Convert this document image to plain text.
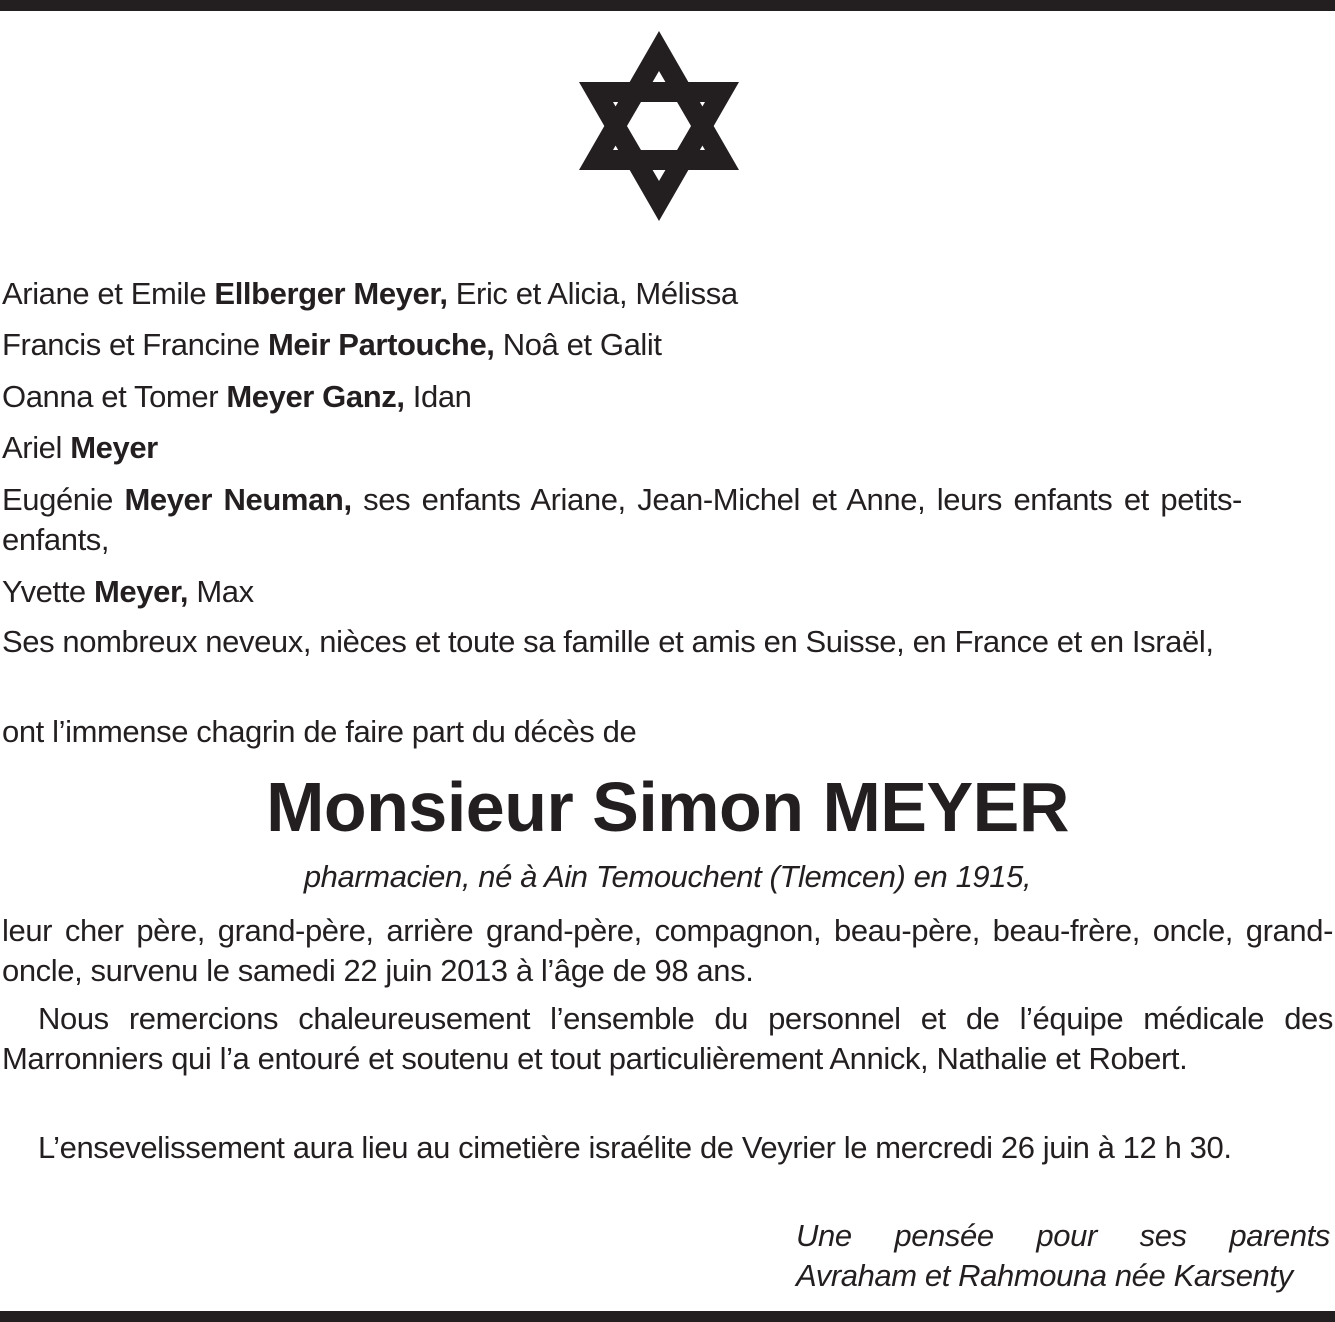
Ariane et Emile Ellberger Meyer, Eric et Alicia, Mélissa
Francis et Francine Meir Partouche, Noâ et Galit
Oanna et Tomer Meyer Ganz, Idan
Ariel Meyer
Eugénie Meyer Neuman, ses enfants Ariane, Jean-Michel et Anne, leurs enfants et petits-enfants,
Yvette Meyer, Max
Ses nombreux neveux, nièces et toute sa famille et amis en Suisse, en France et en Israël,
ont l’immense chagrin de faire part du décès de
Monsieur Simon MEYER
pharmacien, né à Ain Temouchent (Tlemcen) en 1915,
leur cher père, grand-père, arrière grand-père, compagnon, beau-père, beau-frère, oncle, grand-oncle, survenu le samedi 22 juin 2013 à l’âge de 98 ans.
Nous remercions chaleureusement l’ensemble du personnel et de l’équipe médicale des Marronniers qui l’a entouré et soutenu et tout particulièrement Annick, Nathalie et Robert.
L’ensevelissement aura lieu au cimetière israélite de Veyrier le mercredi 26 juin à 12 h 30.
Une pensée pour ses parents
Avraham et Rahmouna née Karsenty
